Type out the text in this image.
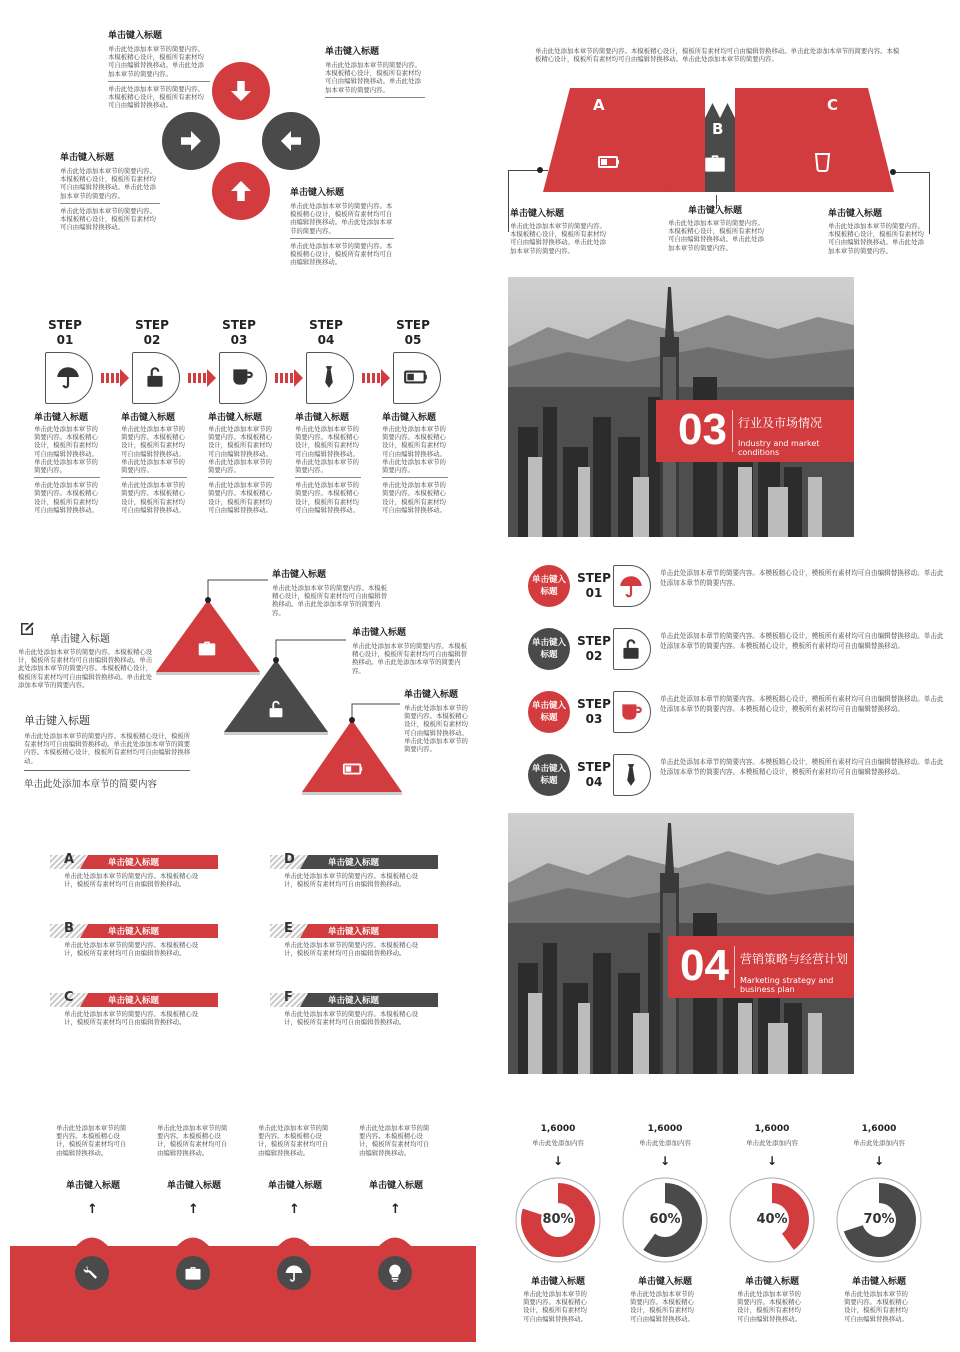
单击键入标题
单击此处添加本章节的简要内容。本模板精心设计，模板所有素材均可自由编辑替换移动。单击此处添加本章节的简要内容。
单击此处添加本章节的简要内容。本模板精心设计，模板所有素材均可自由编辑替换移动。
单击键入标题
单击此处添加本章节的简要内容。本模板精心设计，模板所有素材均可自由编辑替换移动。单击此处添加本章节的简要内容。
单击键入标题
单击此处添加本章节的简要内容。本模板精心设计，模板所有素材均可自由编辑替换移动。单击此处添加本章节的简要内容。
单击此处添加本章节的简要内容。本模板精心设计，模板所有素材均可自由编辑替换移动。
单击键入标题
单击此处添加本章节的简要内容。本模板精心设计，模板所有素材均可自由编辑替换移动。单击此处添加本章节的简要内容。
单击此处添加本章节的简要内容。本模板精心设计，模板所有素材均可自由编辑替换移动。
单击此处添加本章节的简要内容。本模板精心设计，模板所有素材均可自由编辑替换移动。单击此处添加本章节的简要内容。本模板精心设计，模板所有素材均可自由编辑替换移动。单击此处添加本章节的简要内容。
A
B
C
单击键入标题
单击此处添加本章节的简要内容。本模板精心设计，模板所有素材均可自由编辑替换移动。单击此处添加本章节的简要内容。
单击键入标题
单击此处添加本章节的简要内容。本模板精心设计，模板所有素材均可自由编辑替换移动。单击此处添加本章节的简要内容。
单击键入标题
单击此处添加本章节的简要内容。本模板精心设计，模板所有素材均可自由编辑替换移动。单击此处添加本章节的简要内容。
STEP
01
单击键入标题
单击此处添加本章节的简要内容。本模板精心设计，模板所有素材均可自由编辑替换移动。单击此处添加本章节的简要内容。
单击此处添加本章节的简要内容。本模板精心设计，模板所有素材均可自由编辑替换移动。
STEP
02
单击键入标题
单击此处添加本章节的简要内容。本模板精心设计，模板所有素材均可自由编辑替换移动。单击此处添加本章节的简要内容。
单击此处添加本章节的简要内容。本模板精心设计，模板所有素材均可自由编辑替换移动。
STEP
03
单击键入标题
单击此处添加本章节的简要内容。本模板精心设计，模板所有素材均可自由编辑替换移动。单击此处添加本章节的简要内容。
单击此处添加本章节的简要内容。本模板精心设计，模板所有素材均可自由编辑替换移动。
STEP
04
单击键入标题
单击此处添加本章节的简要内容。本模板精心设计，模板所有素材均可自由编辑替换移动。单击此处添加本章节的简要内容。
单击此处添加本章节的简要内容。本模板精心设计，模板所有素材均可自由编辑替换移动。
STEP
05
单击键入标题
单击此处添加本章节的简要内容。本模板精心设计，模板所有素材均可自由编辑替换移动。单击此处添加本章节的简要内容。
单击此处添加本章节的简要内容。本模板精心设计，模板所有素材均可自由编辑替换移动。
03 行业及市场情况
Industry and market conditions
单击键入标题
单击此处添加本章节的简要内容。本模板精心设计，模板所有素材均可自由编辑替换移动。单击此处添加本章节的简要内容。本模板精心设计，模板所有素材均可自由编辑替换移动。单击此处添加本章节的简要内容。
单击键入标题
单击此处添加本章节的简要内容。本模板精心设计，模板所有素材均可自由编辑替换移动。单击此处添加本章节的简要内容。本模板精心设计，模板所有素材均可自由编辑替换移动。
单击此处添加本章节的简要内容
单击键入标题
单击此处添加本章节的简要内容。本模板精心设计，模板所有素材均可自由编辑替换移动。单击此处添加本章节的简要内容。
单击键入标题
单击此处添加本章节的简要内容。本模板精心设计，模板所有素材均可自由编辑替换移动。单击此处添加本章节的简要内容。
单击键入标题
单击此处添加本章节的简要内容。本模板精心设计，模板所有素材均可自由编辑替换移动。单击此处添加本章节的简要内容。
单击键入标题
STEP
01
单击此处添加本章节的简要内容。本模板精心设计，模板所有素材均可自由编辑替换移动。单击此处添加本章节的简要内容。
单击键入标题
STEP
02
单击此处添加本章节的简要内容。本模板精心设计，模板所有素材均可自由编辑替换移动。单击此处添加本章节的简要内容。本模板精心设计，模板所有素材均可自由编辑替换移动。
单击键入标题
STEP
03
单击此处添加本章节的简要内容。本模板精心设计，模板所有素材均可自由编辑替换移动。单击此处添加本章节的简要内容。本模板精心设计，模板所有素材均可自由编辑替换移动。
单击键入标题
STEP
04
单击此处添加本章节的简要内容。本模板精心设计，模板所有素材均可自由编辑替换移动。单击此处添加本章节的简要内容。本模板精心设计，模板所有素材均可自由编辑替换移动。
A	单击键入标题
单击此处添加本章节的简要内容。本模板精心设计，模板所有素材均可自由编辑替换移动。
B	单击键入标题
单击此处添加本章节的简要内容。本模板精心设计，模板所有素材均可自由编辑替换移动。
C	单击键入标题
单击此处添加本章节的简要内容。本模板精心设计，模板所有素材均可自由编辑替换移动。
D	单击键入标题
单击此处添加本章节的简要内容。本模板精心设计，模板所有素材均可自由编辑替换移动。
E	单击键入标题
单击此处添加本章节的简要内容。本模板精心设计，模板所有素材均可自由编辑替换移动。
F	单击键入标题
单击此处添加本章节的简要内容。本模板精心设计，模板所有素材均可自由编辑替换移动。
04 营销策略与经营计划
Marketing strategy and business plan
单击此处添加本章节的简要内容。本模板精心设计，模板所有素材均可自由编辑替换移动。
单击键入标题
↑
单击此处添加本章节的简要内容。本模板精心设计，模板所有素材均可自由编辑替换移动。
单击键入标题
↑
单击此处添加本章节的简要内容。本模板精心设计，模板所有素材均可自由编辑替换移动。
单击键入标题
↑
单击此处添加本章节的简要内容。本模板精心设计，模板所有素材均可自由编辑替换移动。
单击键入标题
↑
1,6000
单击此处添加内容
↓
80%
单击键入标题
单击此处添加本章节的简要内容。本模板精心设计，模板所有素材均可自由编辑替换移动。
1,6000
单击此处添加内容
↓
60%
单击键入标题
单击此处添加本章节的简要内容。本模板精心设计，模板所有素材均可自由编辑替换移动。
1,6000
单击此处添加内容
↓
40%
单击键入标题
单击此处添加本章节的简要内容。本模板精心设计，模板所有素材均可自由编辑替换移动。
1,6000
单击此处添加内容
↓
70%
单击键入标题
单击此处添加本章节的简要内容。本模板精心设计，模板所有素材均可自由编辑替换移动。
